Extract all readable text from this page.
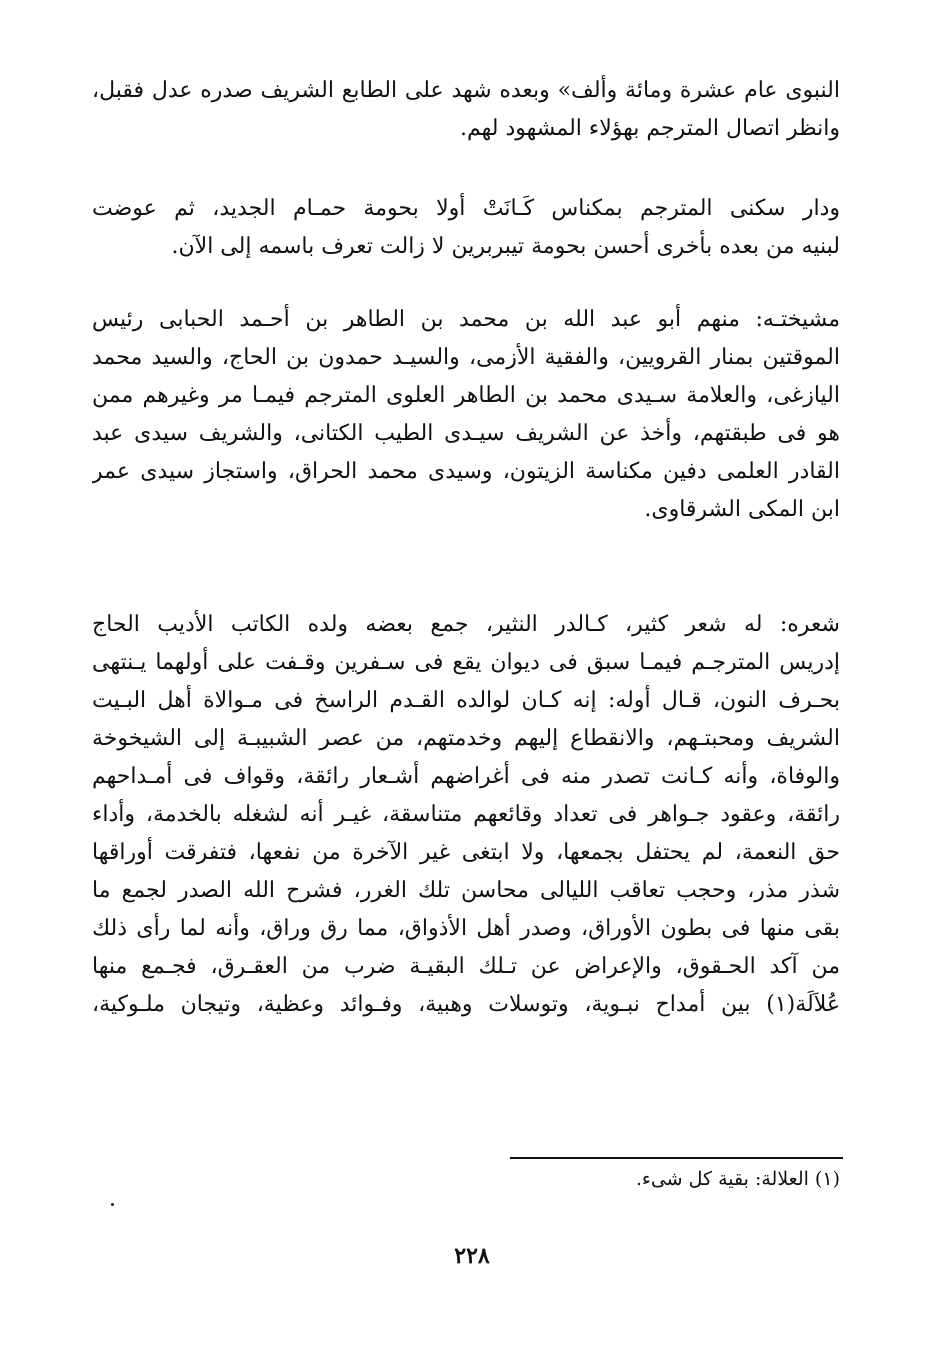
النبوى عام عشرة ومائة وألف» وبعده شهد على الطابع الشريف صدره عدل فقبل،
وانظر اتصال المترجم بهؤلاء المشهود لهم.
ودار سكنى المترجم بمكناس كَـانَتْ أولا بحومة حمـام الجديد، ثم عوضت
لبنيه من بعده بأخرى أحسن بحومة تيبربرين لا زالت تعرف باسمه إلى الآن.
مشيختـه: منهم أبو عبد الله بن محمد بن الطاهر بن أحـمد الحبابى رئيس
الموقتين بمنار القرويين، والفقية الأزمى، والسيـد حمدون بن الحاج، والسيد محمد
اليازغى، والعلامة سـيدى محمد بن الطاهر العلوى المترجم فيمـا مر وغيرهم ممن
هو فى طبقتهم، وأخذ عن الشريف سيـدى الطيب الكتانى، والشريف سيدى عبد
القادر العلمى دفين مكناسة الزيتون، وسيدى محمد الحراق، واستجاز سيدى عمر
ابن المكى الشرقاوى.
شعره: له شعر كثير، كـالدر النثير، جمع بعضه ولده الكاتب الأديب الحاج
إدريس المترجـم فيمـا سبق فى ديوان يقع فى سـفرين وقـفت على أولهما يـنتهى
بحـرف النون، قـال أوله: إنه كـان لوالده القـدم الراسخ فى مـوالاة أهل البـيت
الشريف ومحبتـهم، والانقطاع إليهم وخدمتهم، من عصر الشبيبـة إلى الشيخوخة
والوفاة، وأنه كـانت تصدر منه فى أغراضهم أشـعار رائقة، وقواف فى أمـداحهم
رائقة، وعقود جـواهر فى تعداد وقائعهم متناسقة، غيـر أنه لشغله بالخدمة، وأداء
حق النعمة، لم يحتفل بجمعها، ولا ابتغى غير الآخرة من نفعها، فتفرقت أوراقها
شذر مذر، وحجب تعاقب الليالى محاسن تلك الغرر، فشرح الله الصدر لجمع ما
بقى منها فى بطون الأوراق، وصدر أهل الأذواق، مما رق وراق، وأنه لما رأى ذلك
من آكد الحـقوق، والإعراض عن تـلك البقيـة ضرب من العقـرق، فجـمع منها
عُلاَلَة(١) بين أمداح نبـوية، وتوسلات وهبية، وفـوائد وعظية، وتيجان ملـوكية،
(١) العلالة: بقية كل شىء.
٢٢٨
